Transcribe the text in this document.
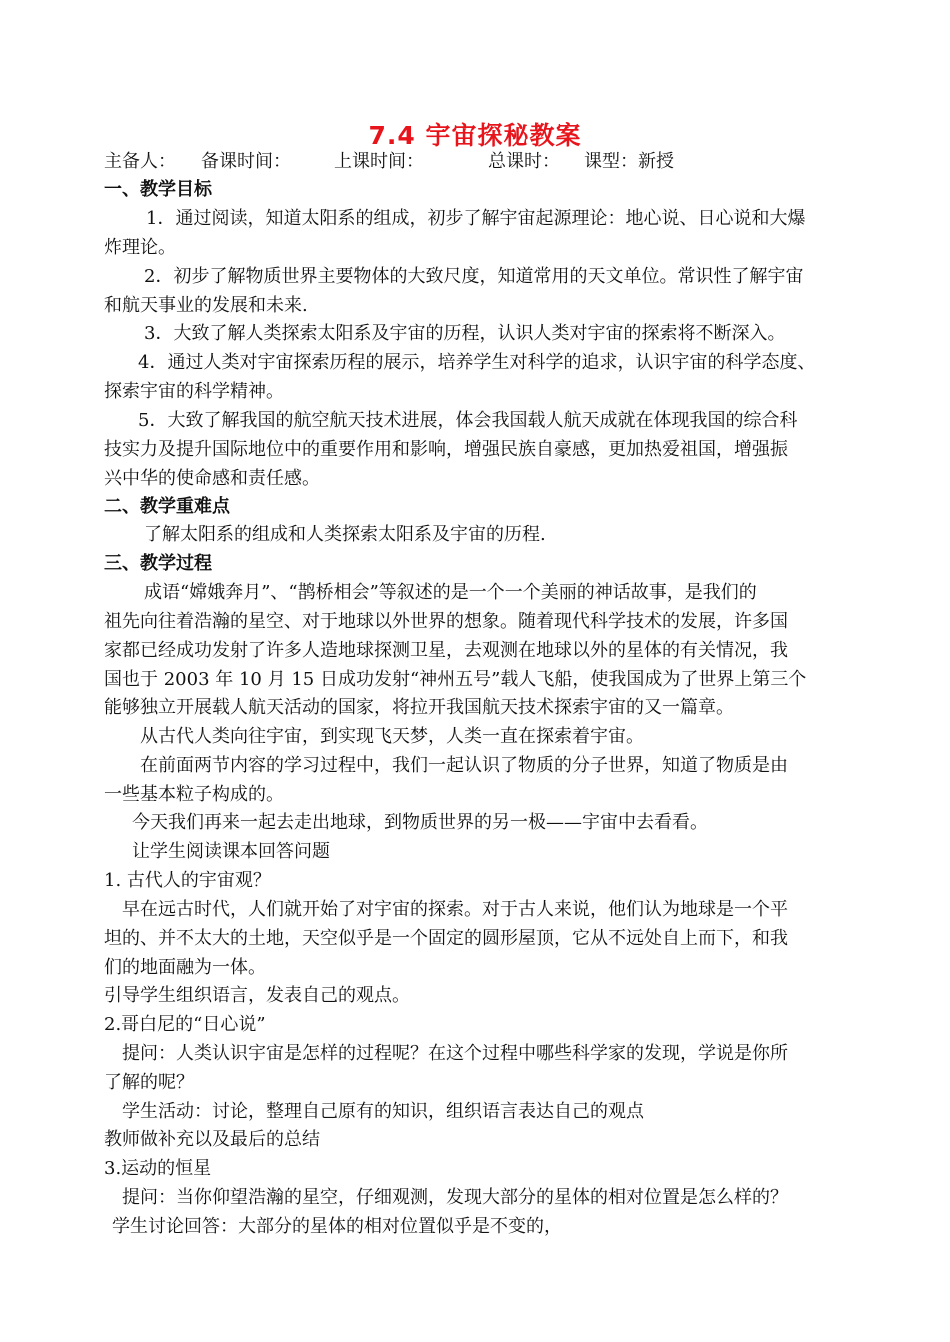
7.4 宇宙探秘教案
主备人： 备课时间： 上课时间：	总课时： 课型：新授
一、教学目标
1．通过阅读，知道太阳系的组成，初步了解宇宙起源理论：地心说、日心说和大爆
炸理论。
2．初步了解物质世界主要物体的大致尺度，知道常用的天文单位。常识性了解宇宙
和航天事业的发展和未来.
3．大致了解人类探索太阳系及宇宙的历程，认识人类对宇宙的探索将不断深入。
4．通过人类对宇宙探索历程的展示，培养学生对科学的追求，认识宇宙的科学态度、
探索宇宙的科学精神。
5．大致了解我国的航空航天技术进展，体会我国载人航天成就在体现我国的综合科
技实力及提升国际地位中的重要作用和影响，增强民族自豪感，更加热爱祖国，增强振
兴中华的使命感和责任感。
二、教学重难点
了解太阳系的组成和人类探索太阳系及宇宙的历程.
三、教学过程
成语“嫦娥奔月”、“鹊桥相会”等叙述的是一个一个美丽的神话故事，是我们的
祖先向往着浩瀚的星空、对于地球以外世界的想象。随着现代科学技术的发展，许多国
家都已经成功发射了许多人造地球探测卫星，去观测在地球以外的星体的有关情况，我
国也于 2003 年 10 月 15 日成功发射“神州五号”载人飞船，使我国成为了世界上第三个
能够独立开展载人航天活动的国家，将拉开我国航天技术探索宇宙的又一篇章。
从古代人类向往宇宙，到实现飞天梦，人类一直在探索着宇宙。
在前面两节内容的学习过程中，我们一起认识了物质的分子世界，知道了物质是由
一些基本粒子构成的。
今天我们再来一起去走出地球，到物质世界的另一极——宇宙中去看看。
让学生阅读课本回答问题
1. 古代人的宇宙观？
早在远古时代，人们就开始了对宇宙的探索。对于古人来说，他们认为地球是一个平
坦的、并不太大的土地，天空似乎是一个固定的圆形屋顶，它从不远处自上而下，和我
们的地面融为一体。
引导学生组织语言，发表自己的观点。
2.哥白尼的“日心说”
提问：人类认识宇宙是怎样的过程呢？在这个过程中哪些科学家的发现，学说是你所
了解的呢？
学生活动：讨论，整理自己原有的知识，组织语言表达自己的观点
教师做补充以及最后的总结
3.运动的恒星
提问：当你仰望浩瀚的星空，仔细观测，发现大部分的星体的相对位置是怎么样的？
学生讨论回答：大部分的星体的相对位置似乎是不变的，
